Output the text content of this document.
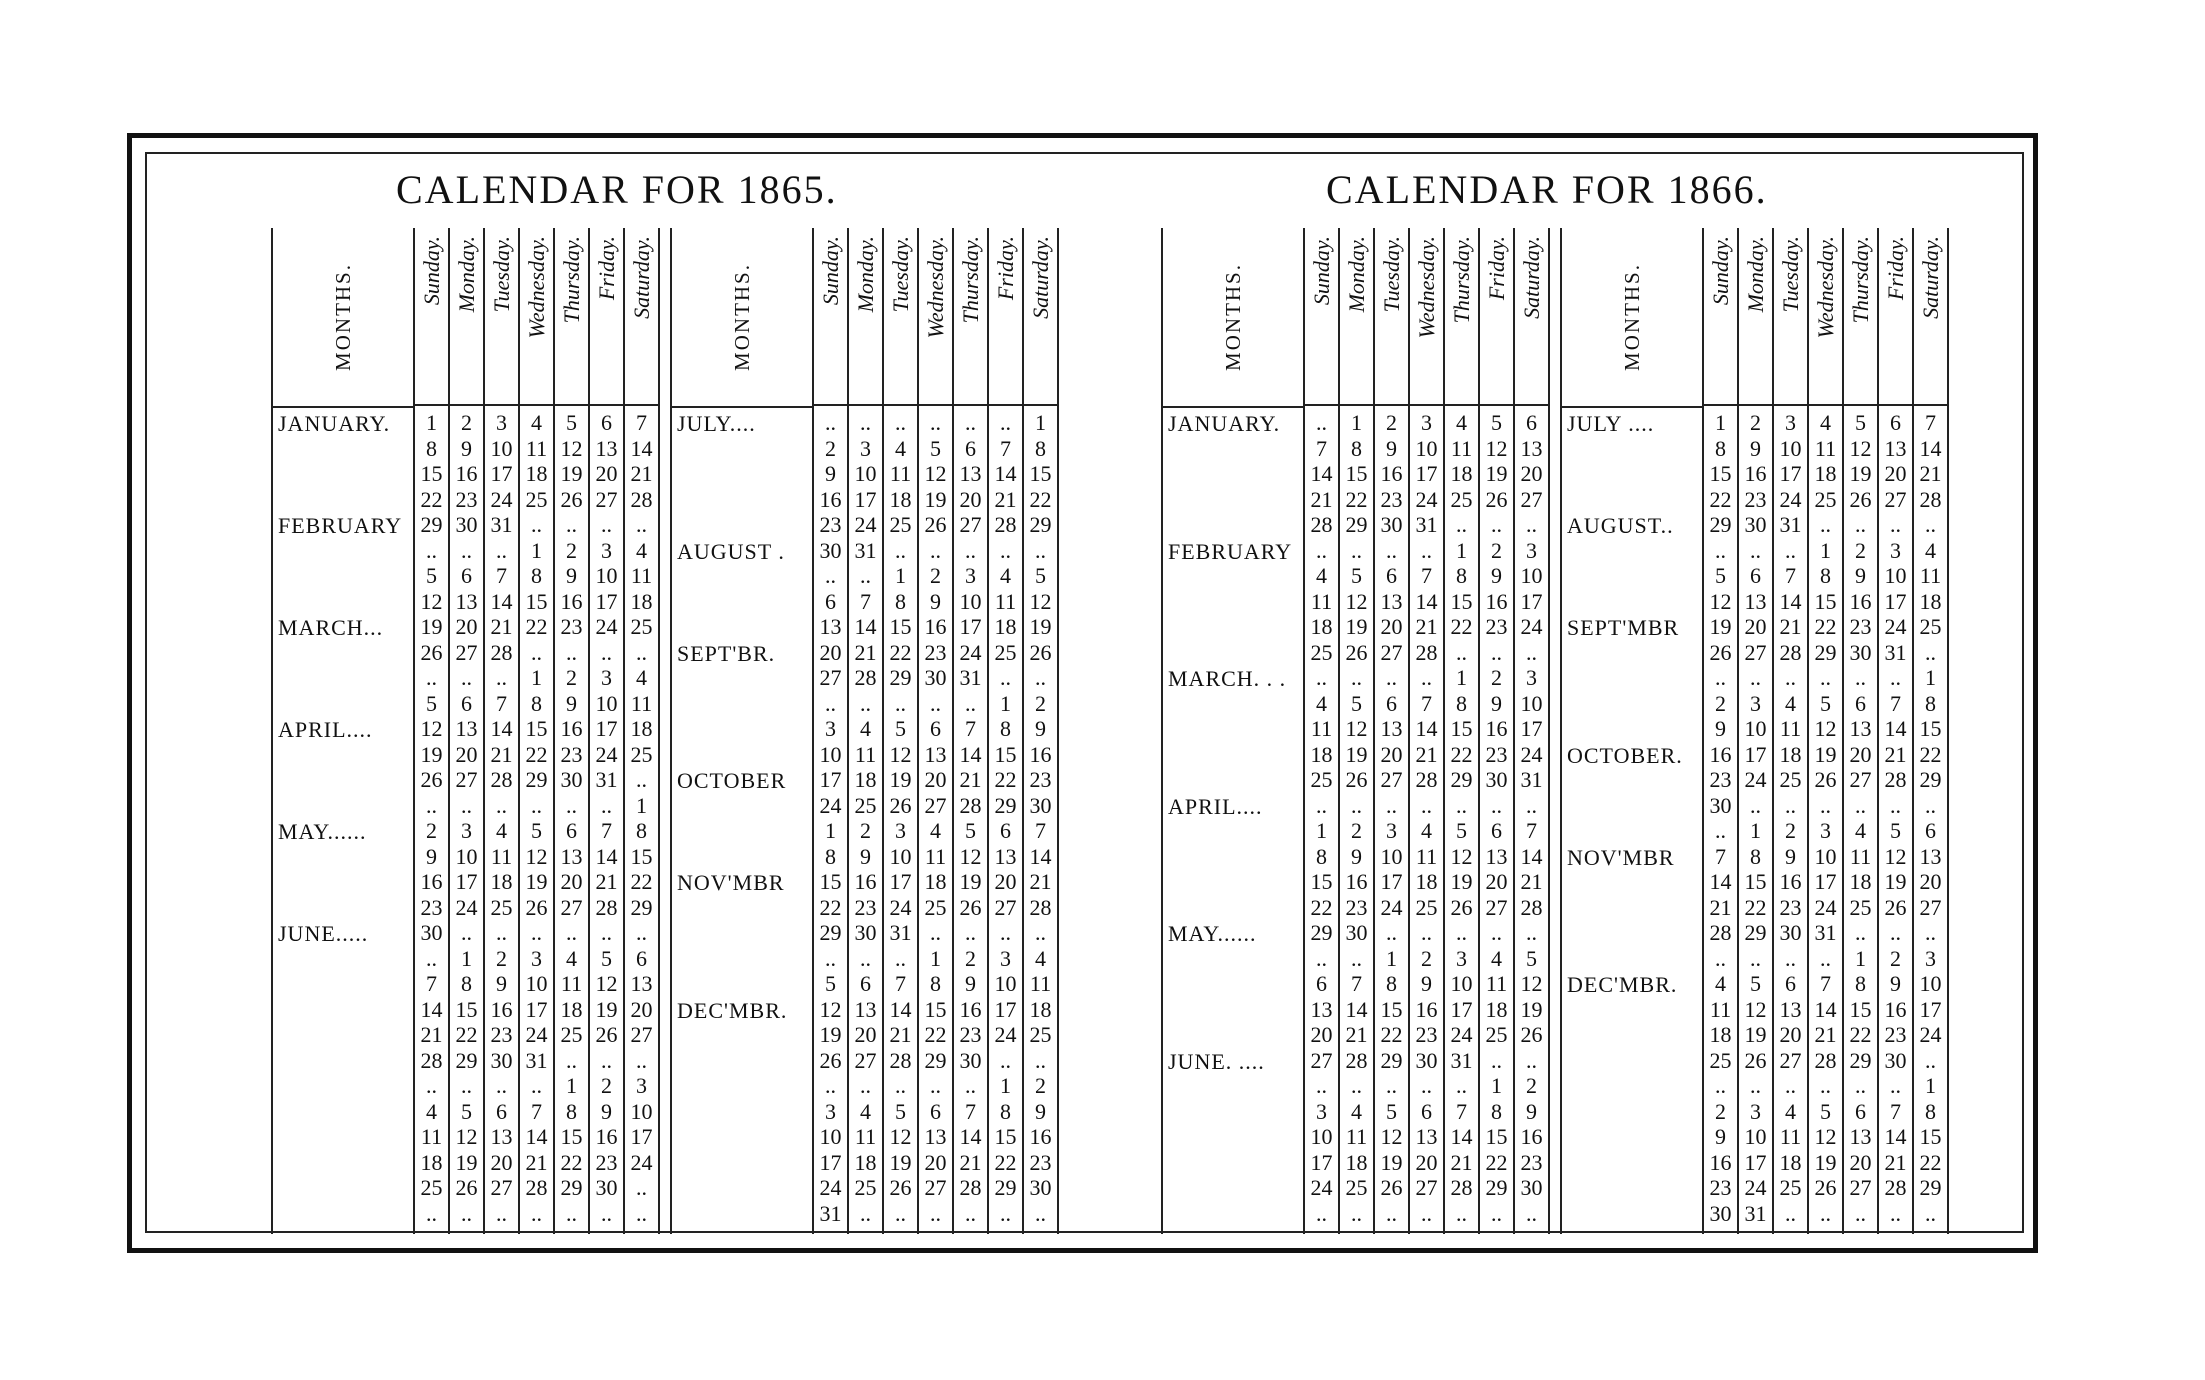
CALENDAR FOR 1865.	CALENDAR FOR 1866.
MONTHS.
JANUARY.
FEBRUARY
MARCH...
APRIL....
MAY......
JUNE.....
Sunday.
1
8
15
22
29
..
5
12
19
26
..
5
12
19
26
..
2
9
16
23
30
..
7
14
21
28
..
4
11
18
25
..
Monday.
2
9
16
23
30
..
6
13
20
27
..
6
13
20
27
..
3
10
17
24
..
1
8
15
22
29
..
5
12
19
26
..
Tuesday.
3
10
17
24
31
..
7
14
21
28
..
7
14
21
28
..
4
11
18
25
..
2
9
16
23
30
..
6
13
20
27
..
Wednesday.
4
11
18
25
..
1
8
15
22
..
1
8
15
22
29
..
5
12
19
26
..
3
10
17
24
31
..
7
14
21
28
..
Thursday.
5
12
19
26
..
2
9
16
23
..
2
9
16
23
30
..
6
13
20
27
..
4
11
18
25
..
1
8
15
22
29
..
Friday.
6
13
20
27
..
3
10
17
24
..
3
10
17
24
31
..
7
14
21
28
..
5
12
19
26
..
2
9
16
23
30
..
Saturday.
7
14
21
28
..
4
11
18
25
..
4
11
18
25
..
1
8
15
22
29
..
6
13
20
27
..
3
10
17
24
..
..
MONTHS.
JULY....
AUGUST .
SEPT'BR.
OCTOBER
NOV'MBR
DEC'MBR.
Sunday.
..
2
9
16
23
30
..
6
13
20
27
..
3
10
17
24
1
8
15
22
29
..
5
12
19
26
..
3
10
17
24
31
Monday.
..
3
10
17
24
31
..
7
14
21
28
..
4
11
18
25
2
9
16
23
30
..
6
13
20
27
..
4
11
18
25
..
Tuesday.
..
4
11
18
25
..
1
8
15
22
29
..
5
12
19
26
3
10
17
24
31
..
7
14
21
28
..
5
12
19
26
..
Wednesday.
..
5
12
19
26
..
2
9
16
23
30
..
6
13
20
27
4
11
18
25
..
1
8
15
22
29
..
6
13
20
27
..
Thursday.
..
6
13
20
27
..
3
10
17
24
31
..
7
14
21
28
5
12
19
26
..
2
9
16
23
30
..
7
14
21
28
..
Friday.
..
7
14
21
28
..
4
11
18
25
..
1
8
15
22
29
6
13
20
27
..
3
10
17
24
..
1
8
15
22
29
..
Saturday.
1
8
15
22
29
..
5
12
19
26
..
2
9
16
23
30
7
14
21
28
..
4
11
18
25
..
2
9
16
23
30
..
MONTHS.
JANUARY.
FEBRUARY
MARCH. . .
APRIL....
MAY......
JUNE. ....
Sunday.
..
7
14
21
28
..
4
11
18
25
..
4
11
18
25
..
1
8
15
22
29
..
6
13
20
27
..
3
10
17
24
..
Monday.
1
8
15
22
29
..
5
12
19
26
..
5
12
19
26
..
2
9
16
23
30
..
7
14
21
28
..
4
11
18
25
..
Tuesday.
2
9
16
23
30
..
6
13
20
27
..
6
13
20
27
..
3
10
17
24
..
1
8
15
22
29
..
5
12
19
26
..
Wednesday.
3
10
17
24
31
..
7
14
21
28
..
7
14
21
28
..
4
11
18
25
..
2
9
16
23
30
..
6
13
20
27
..
Thursday.
4
11
18
25
..
1
8
15
22
..
1
8
15
22
29
..
5
12
19
26
..
3
10
17
24
31
..
7
14
21
28
..
Friday.
5
12
19
26
..
2
9
16
23
..
2
9
16
23
30
..
6
13
20
27
..
4
11
18
25
..
1
8
15
22
29
..
Saturday.
6
13
20
27
..
3
10
17
24
..
3
10
17
24
31
..
7
14
21
28
..
5
12
19
26
..
2
9
16
23
30
..
MONTHS.
JULY ....
AUGUST..
SEPT'MBR
OCTOBER.
NOV'MBR
DEC'MBR.
Sunday.
1
8
15
22
29
..
5
12
19
26
..
2
9
16
23
30
..
7
14
21
28
..
4
11
18
25
..
2
9
16
23
30
Monday.
2
9
16
23
30
..
6
13
20
27
..
3
10
17
24
..
1
8
15
22
29
..
5
12
19
26
..
3
10
17
24
31
Tuesday.
3
10
17
24
31
..
7
14
21
28
..
4
11
18
25
..
2
9
16
23
30
..
6
13
20
27
..
4
11
18
25
..
Wednesday.
4
11
18
25
..
1
8
15
22
29
..
5
12
19
26
..
3
10
17
24
31
..
7
14
21
28
..
5
12
19
26
..
Thursday.
5
12
19
26
..
2
9
16
23
30
..
6
13
20
27
..
4
11
18
25
..
1
8
15
22
29
..
6
13
20
27
..
Friday.
6
13
20
27
..
3
10
17
24
31
..
7
14
21
28
..
5
12
19
26
..
2
9
16
23
30
..
7
14
21
28
..
Saturday.
7
14
21
28
..
4
11
18
25
..
1
8
15
22
29
..
6
13
20
27
..
3
10
17
24
..
1
8
15
22
29
..
